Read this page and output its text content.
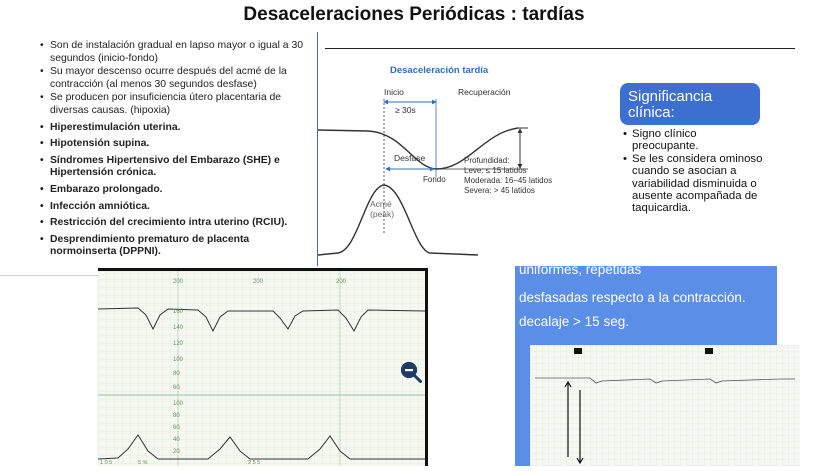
Desaceleraciones Periódicas : tardías
• Son de instalación gradual en lapso mayor o igual a 30 segundos (inicio-fondo)
• Su mayor descenso ocurre después del acmé de la contracción (al menos 30 segundos desfase)
• Se producen por insuficiencia útero placentaria de diversas causas. (hipoxia)
• Hiperestimulación uterina.
• Hipotensión supina.
• Síndromes Hipertensivo del Embarazo (SHE) e Hipertensión crónica.
• Embarazo prolongado.
• Infección amniótica.
• Restricción del crecimiento intra uterino (RCIU).
• Desprendimiento prematuro de placenta normoinserta (DPPNI).
Desaceleración tardía
Inicio	Recuperación
≥ 30s
Desfase
Fondo
Profundidad:
Leve: ≤ 15 latidos
Moderada: 16–45 latidos
Severa: > 45 latidos
Acmé
(peak)
Significancia clínica:
• Signo clínico preocupante.
• Se les considera ominoso cuando se asocian a variabilidad disminuida o ausente acompañada de taquicardia.
200	200	200
160
140
120
100
80
60
100
80
60
40
20
1 0 5	2 5 5
5 %
uniformes, repetidas
desfasadas respecto a la contracción.
decalaje > 15 seg.
